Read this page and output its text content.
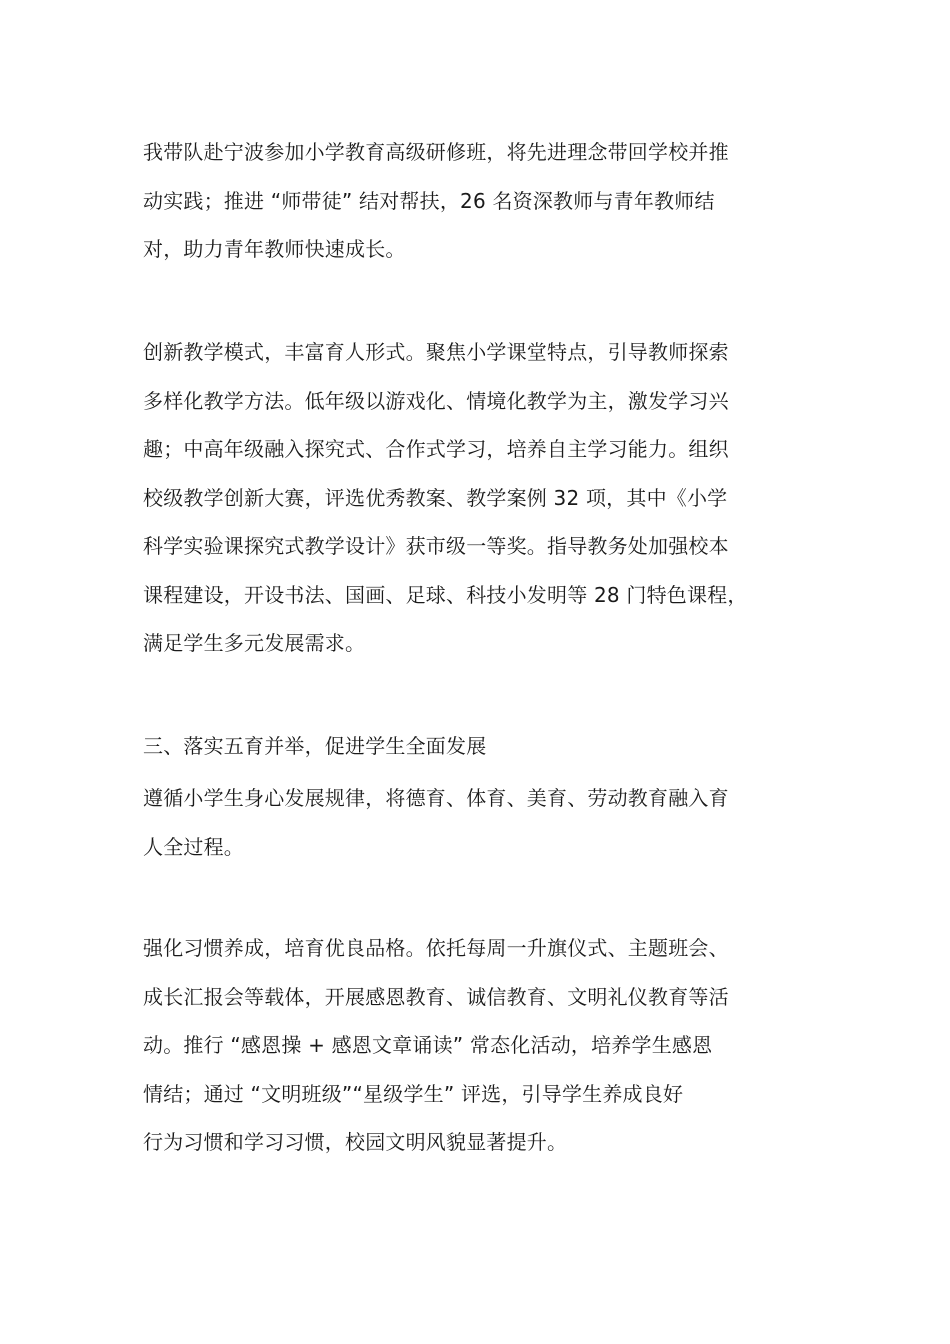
我带队赴宁波参加小学教育高级研修班，将先进理念带回学校并推
动实践；推进 “师带徒” 结对帮扶，26 名资深教师与青年教师结
对，助力青年教师快速成长。

创新教学模式，丰富育人形式。聚焦小学课堂特点，引导教师探索
多样化教学方法。低年级以游戏化、情境化教学为主，激发学习兴
趣；中高年级融入探究式、合作式学习，培养自主学习能力。组织
校级教学创新大赛，评选优秀教案、教学案例 32 项，其中《小学
科学实验课探究式教学设计》获市级一等奖。指导教务处加强校本
课程建设，开设书法、国画、足球、科技小发明等 28 门特色课程，
满足学生多元发展需求。

三、落实五育并举，促进学生全面发展

遵循小学生身心发展规律，将德育、体育、美育、劳动教育融入育
人全过程。

强化习惯养成，培育优良品格。依托每周一升旗仪式、主题班会、
成长汇报会等载体，开展感恩教育、诚信教育、文明礼仪教育等活
动。推行 “感恩操 + 感恩文章诵读” 常态化活动，培养学生感恩
情结；通过 “文明班级”“星级学生” 评选，引导学生养成良好
行为习惯和学习习惯，校园文明风貌显著提升。
